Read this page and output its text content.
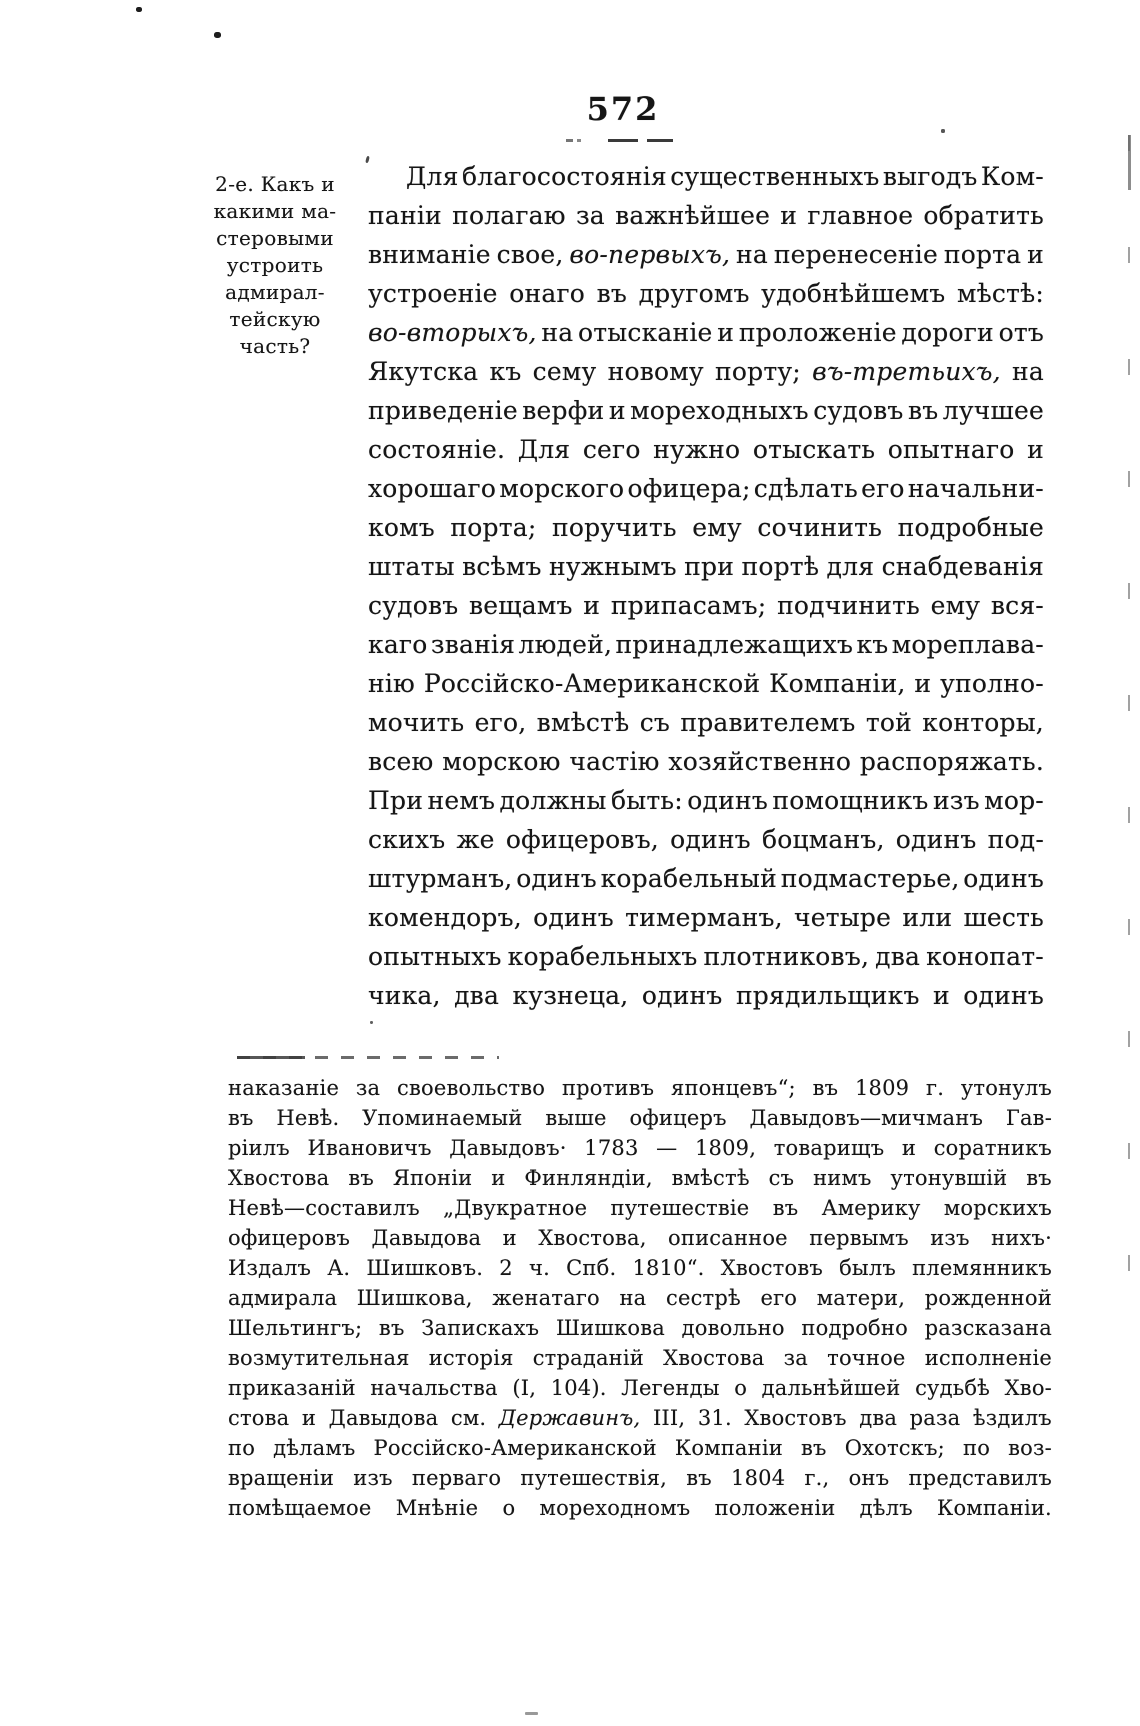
572
2-е. Какъ и
какими ма-
стеровыми
устроить
адмирал-
тейскую
часть?
Для благосостоянія существенныхъ выгодъ Ком-
паніи полагаю за важнѣйшее и главное обратить
вниманіе свое, во-первыхъ, на перенесеніе порта и
устроеніе онаго въ другомъ удобнѣйшемъ мѣстѣ:
во-вторыхъ, на отысканіе и проложеніе дороги отъ
Якутска къ сему новому порту; въ-третьихъ, на
приведеніе верфи и мореходныхъ судовъ въ лучшее
состояніе. Для сего нужно отыскать опытнаго и
хорошаго морского офицера; сдѣлать его начальни-
комъ порта; поручить ему сочинить подробные
штаты всѣмъ нужнымъ при портѣ для снабдеванія
судовъ вещамъ и припасамъ; подчинить ему вся-
каго званія людей, принадлежащихъ къ мореплава-
нію Россійско-Американской Компаніи, и уполно-
мочить его, вмѣстѣ съ правителемъ той конторы,
всею морскою частію хозяйственно распоряжать.
При немъ должны быть: одинъ помощникъ изъ мор-
скихъ же офицеровъ, одинъ боцманъ, одинъ под-
штурманъ, одинъ корабельный подмастерье, одинъ
комендоръ, одинъ тимерманъ, четыре или шесть
опытныхъ корабельныхъ плотниковъ, два конопат-
чика, два кузнеца, одинъ прядильщикъ и одинъ
наказаніе за своевольство противъ японцевъ“; въ 1809 г. утонулъ
въ Невѣ. Упоминаемый выше офицеръ Давыдовъ—мичманъ Гав-
ріилъ Ивановичъ Давыдовъ· 1783 — 1809, товарищъ и соратникъ
Хвостова въ Японіи и Финляндіи, вмѣстѣ съ нимъ утонувшій въ
Невѣ—составилъ „Двукратное путешествіе въ Америку морскихъ
офицеровъ Давыдова и Хвостова, описанное первымъ изъ нихъ·
Издалъ А. Шишковъ. 2 ч. Спб. 1810“. Хвостовъ былъ племянникъ
адмирала Шишкова, женатаго на сестрѣ его матери, рожденной
Шельтингъ; въ Запискахъ Шишкова довольно подробно разсказана
возмутительная исторія страданій Хвостова за точное исполненіе
приказаній начальства (I, 104). Легенды о дальнѣйшей судьбѣ Хво-
стова и Давыдова см. Державинъ, III, 31. Хвостовъ два раза ѣздилъ
по дѣламъ Россійско-Американской Компаніи въ Охотскъ; по воз-
вращеніи изъ перваго путешествія, въ 1804 г., онъ представилъ
помѣщаемое Мнѣніе о мореходномъ положеніи дѣлъ Компаніи.
